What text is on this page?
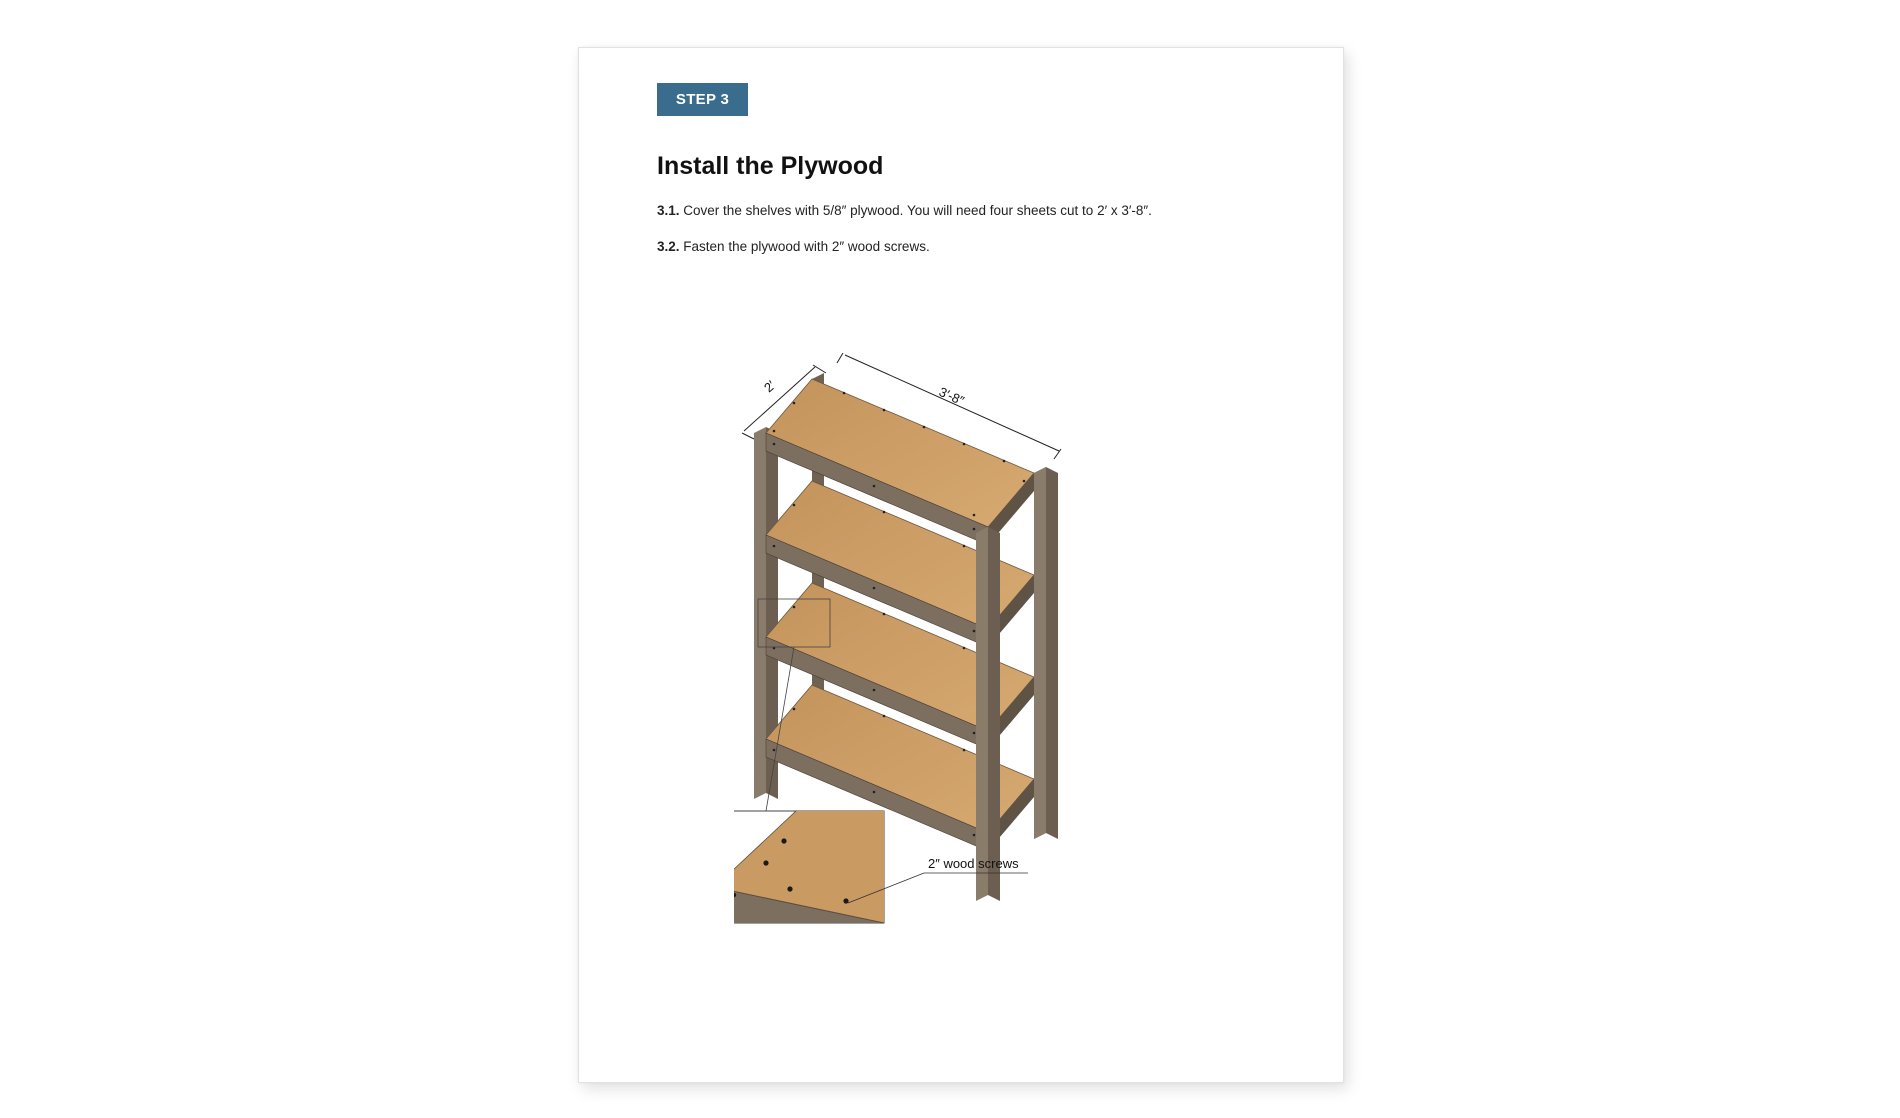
STEP 3
Install the Plywood

3.1. Cover the shelves with 5/8″ plywood. You will need four sheets cut to 2′ x 3′-8″.

3.2. Fasten the plywood with 2″ wood screws.

2′	3′-8″
2″ wood screws
